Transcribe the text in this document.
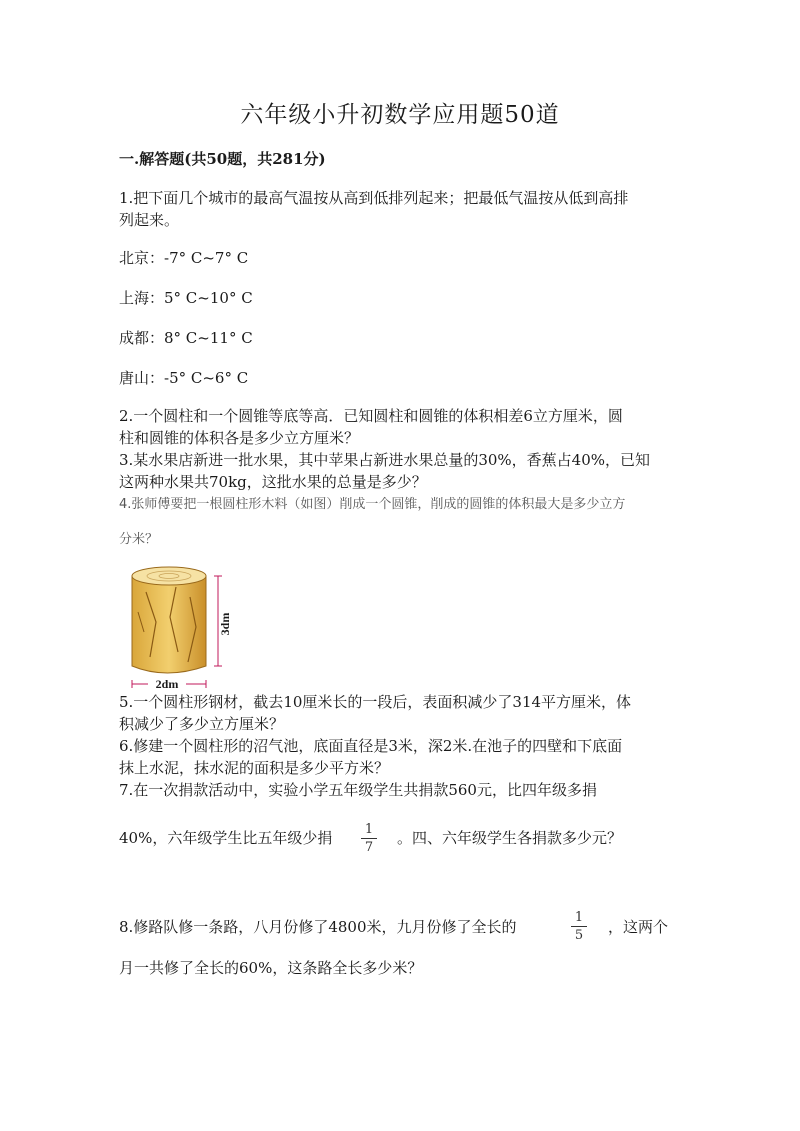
六年级小升初数学应用题50道
一.解答题(共50题，共281分)
1.把下面几个城市的最高气温按从高到低排列起来；把最低气温按从低到高排
列起来。
北京：-7° C~7° C
上海：5° C~10° C
成都：8° C~11° C
唐山：-5° C~6° C
2.一个圆柱和一个圆锥等底等高．已知圆柱和圆锥的体积相差6立方厘米，圆
柱和圆锥的体积各是多少立方厘米？
3.某水果店新进一批水果，其中苹果占新进水果总量的30%，香蕉占40%，已知
这两种水果共70kg，这批水果的总量是多少？
4.张师傅要把一根圆柱形木料（如图）削成一个圆锥，削成的圆锥的体积最大是多少立方
分米？
3dm
2dm
5.一个圆柱形钢材，截去10厘米长的一段后，表面积减少了314平方厘米，体
积减少了多少立方厘米？
6.修建一个圆柱形的沼气池，底面直径是3米，深2米.在池子的四壁和下底面
抹上水泥，抹水泥的面积是多少平方米？
7.在一次捐款活动中，实验小学五年级学生共捐款560元，比四年级多捐
40%，六年级学生比五年级少捐	1
7
。四、六年级学生各捐款多少元？
8.修路队修一条路，八月份修了4800米，九月份修了全长的
1
5 ，这两个
月一共修了全长的60%，这条路全长多少米？
